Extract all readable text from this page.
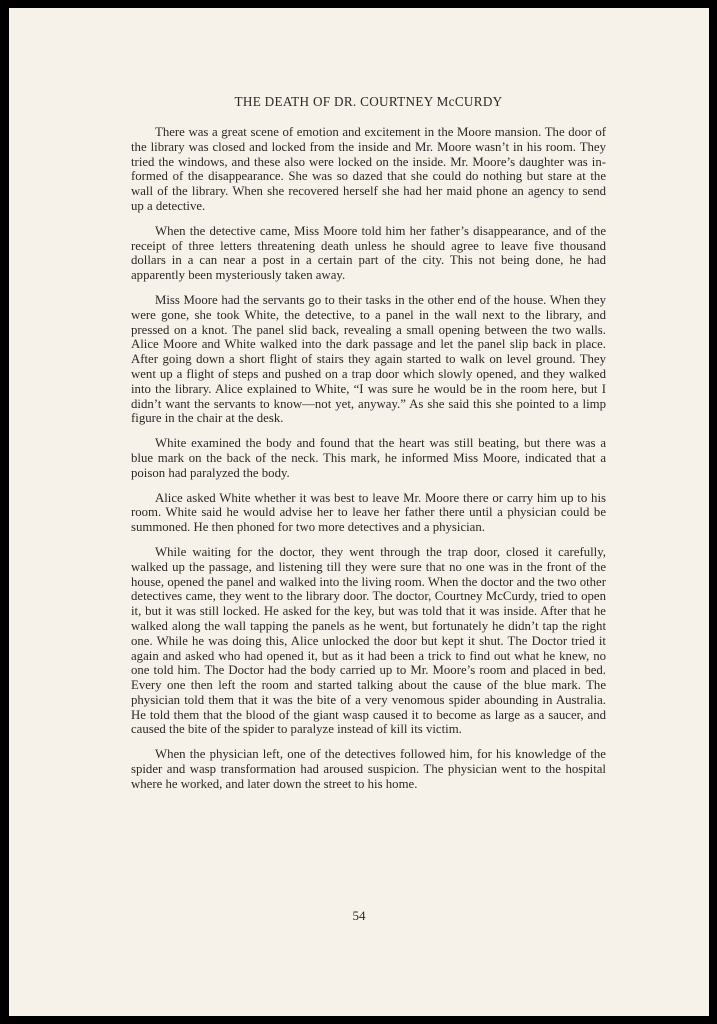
THE DEATH OF DR. COURTNEY McCURDY

There was a great scene of emotion and excitement in the Moore mansion. The door of the library was closed and locked from the inside and Mr. Moore wasn’t in his room. They tried the windows, and these also were locked on the inside. Mr. Moore’s daughter was informed of the disappearance. She was so dazed that she could do nothing but stare at the wall of the library. When she recovered herself she had her maid phone an agency to send up a detective.

When the detective came, Miss Moore told him her father’s disappearance, and of the receipt of three letters threatening death unless he should agree to leave five thousand dollars in a can near a post in a certain part of the city. This not being done, he had apparently been mysteriously taken away.

Miss Moore had the servants go to their tasks in the other end of the house. When they were gone, she took White, the detective, to a panel in the wall next to the library, and pressed on a knot. The panel slid back, revealing a small opening between the two walls. Alice Moore and White walked into the dark passage and let the panel slip back in place. After going down a short flight of stairs they again started to walk on level ground. They went up a flight of steps and pushed on a trap door which slowly opened, and they walked into the library. Alice explained to White, “I was sure he would be in the room here, but I didn’t want the servants to know—not yet, anyway.” As she said this she pointed to a limp figure in the chair at the desk.

White examined the body and found that the heart was still beating, but there was a blue mark on the back of the neck. This mark, he informed Miss Moore, indicated that a poison had paralyzed the body.

Alice asked White whether it was best to leave Mr. Moore there or carry him up to his room. White said he would advise her to leave her father there until a physician could be summoned. He then phoned for two more detectives and a physician.

While waiting for the doctor, they went through the trap door, closed it carefully, walked up the passage, and listening till they were sure that no one was in the front of the house, opened the panel and walked into the living room. When the doctor and the two other detectives came, they went to the library door. The doctor, Courtney McCurdy, tried to open it, but it was still locked. He asked for the key, but was told that it was inside. After that he walked along the wall tapping the panels as he went, but fortunately he didn’t tap the right one. While he was doing this, Alice unlocked the door but kept it shut. The Doctor tried it again and asked who had opened it, but as it had been a trick to find out what he knew, no one told him. The Doctor had the body carried up to Mr. Moore’s room and placed in bed. Every one then left the room and started talking about the cause of the blue mark. The physician told them that it was the bite of a very venomous spider abounding in Australia. He told them that the blood of the giant wasp caused it to become as large as a saucer, and caused the bite of the spider to paralyze instead of kill its victim.

When the physician left, one of the detectives followed him, for his knowledge of the spider and wasp transformation had aroused suspicion. The physician went to the hospital where he worked, and later down the street to his home.

54
